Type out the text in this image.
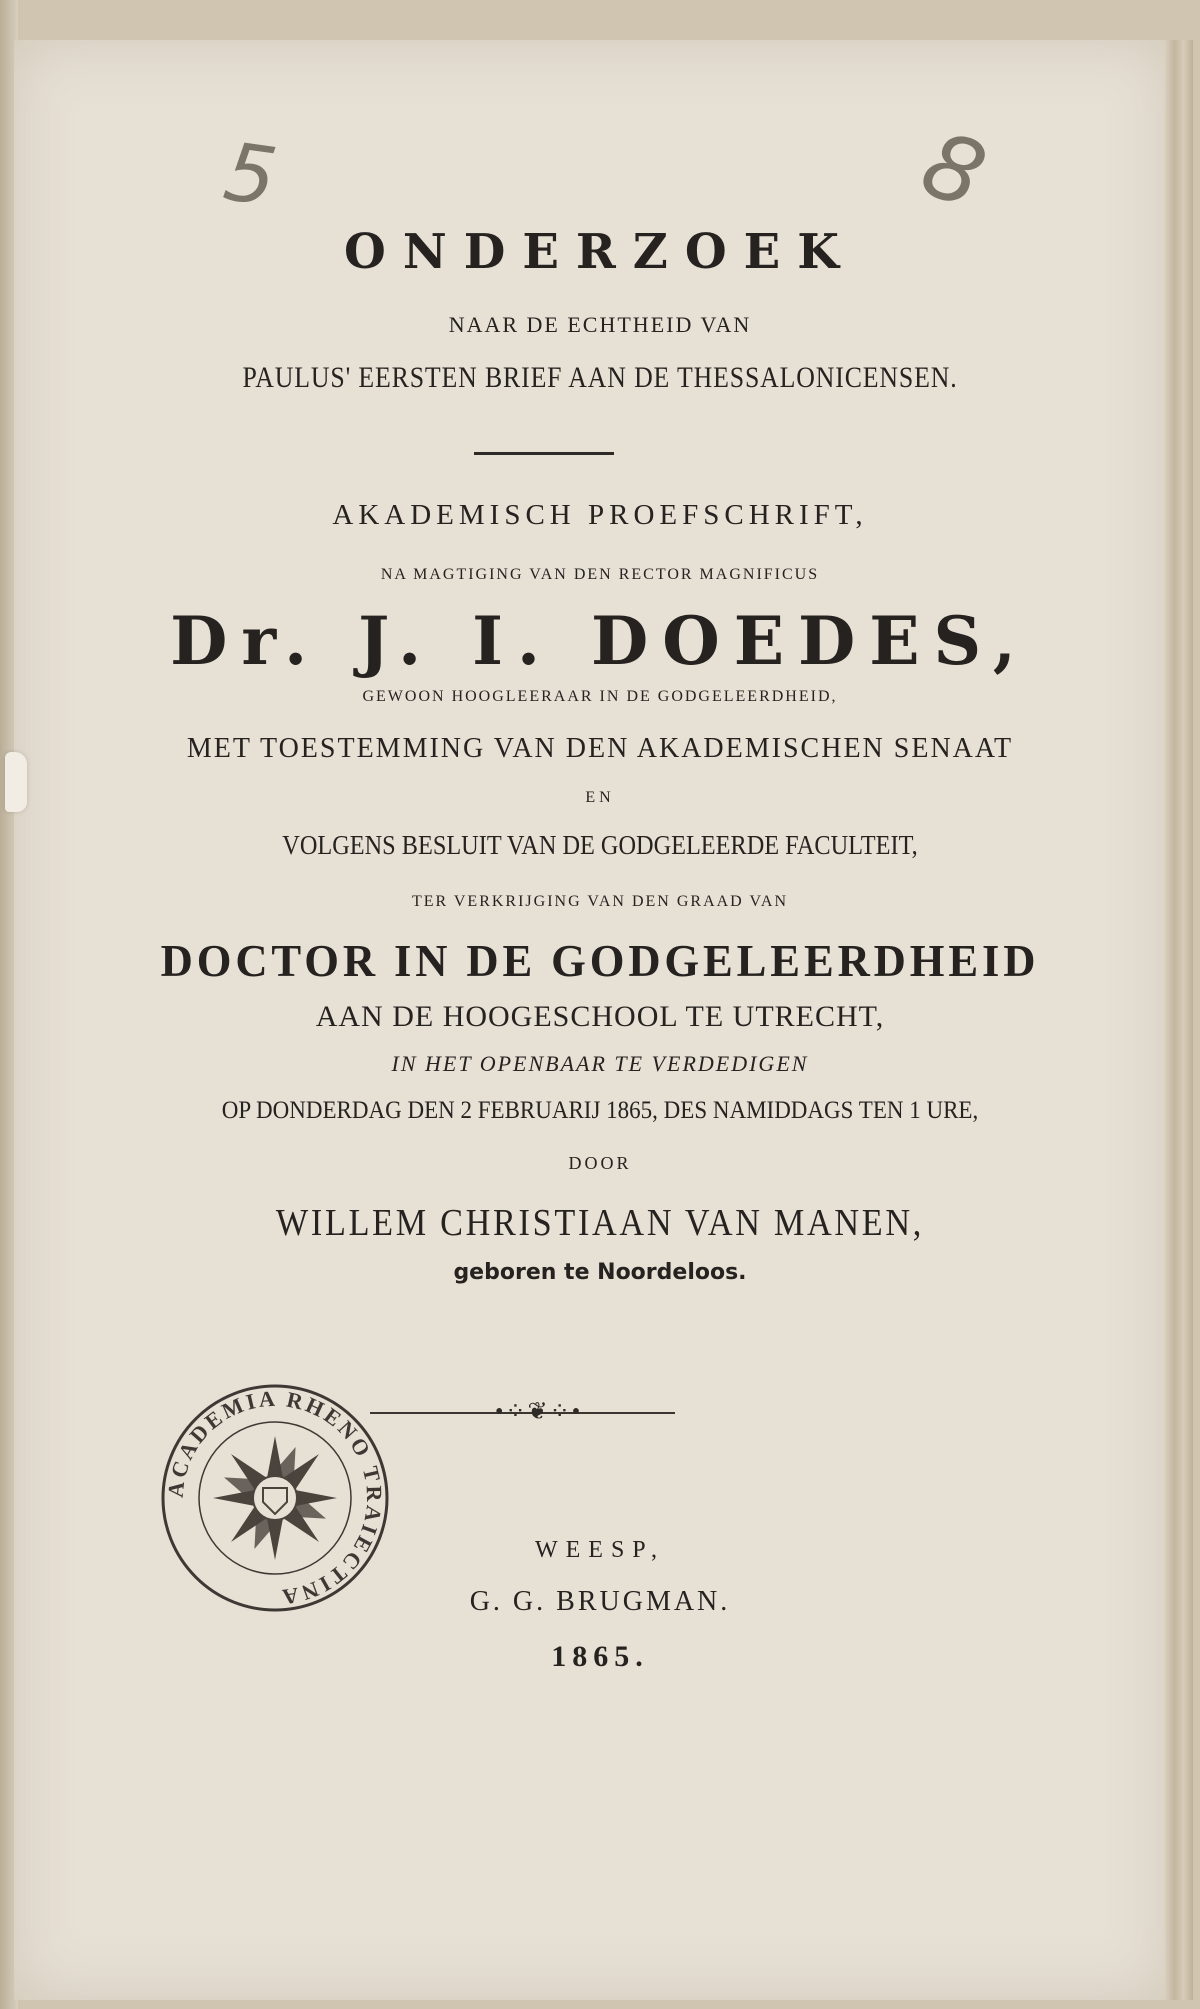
5	8
ONDERZOEK
NAAR DE ECHTHEID VAN
PAULUS' EERSTEN BRIEF AAN DE THESSALONICENSEN.
AKADEMISCH PROEFSCHRIFT,
NA MAGTIGING VAN DEN RECTOR MAGNIFICUS
Dr. J. I. DOEDES,
GEWOON HOOGLEERAAR IN DE GODGELEERDHEID,
MET TOESTEMMING VAN DEN AKADEMISCHEN SENAAT
EN
VOLGENS BESLUIT VAN DE GODGELEERDE FACULTEIT,
TER VERKRIJGING VAN DEN GRAAD VAN
DOCTOR IN DE GODGELEERDHEID
AAN DE HOOGESCHOOL TE UTRECHT,
IN HET OPENBAAR TE VERDEDIGEN
OP DONDERDAG DEN 2 FEBRUARIJ 1865, DES NAMIDDAGS TEN 1 URE,
DOOR
WILLEM CHRISTIAAN VAN MANEN,
geboren te Noordeloos.
•⁘❦⁘•
ACADEMIA RHENO TRAIECTINA
WEESP,
G. G. BRUGMAN.
1865.
